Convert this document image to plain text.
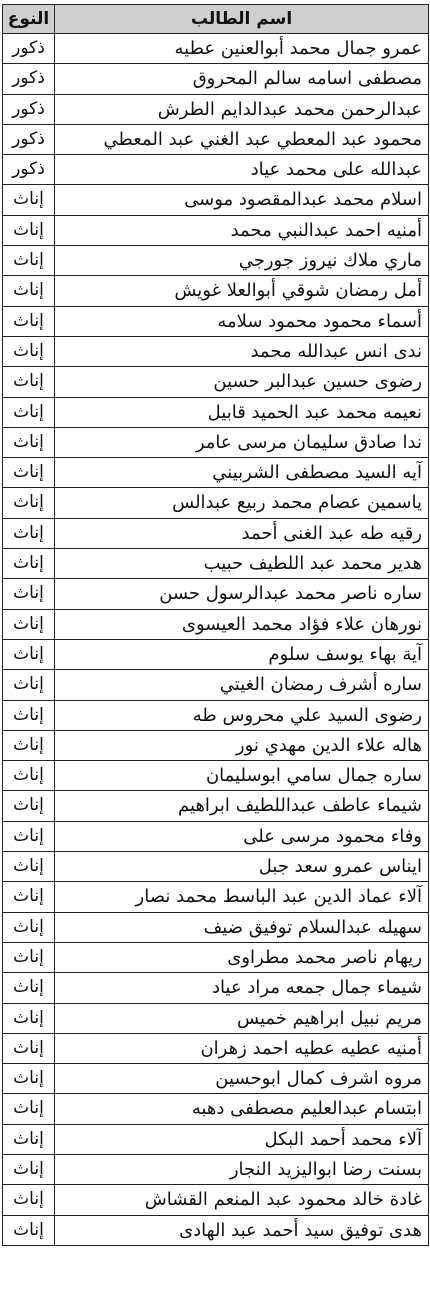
اسم الطالب	النوع
عمرو جمال محمد أبوالعنين عطيه	ذكور
مصطفى اسامه سالم المحروق	ذكور
عبدالرحمن محمد عبدالدايم الطرش	ذكور
محمود عبد المعطي عبد الغني عبد المعطي	ذكور
عبدالله على محمد عياد	ذكور
اسلام محمد عبدالمقصود موسى	إناث
أمنيه احمد عبدالنبي محمد	إناث
ماري ملاك نيروز جورجي	إناث
أمل رمضان شوقي أبوالعلا غويش	إناث
أسماء محمود محمود سلامه	إناث
ندى انس عبدالله محمد	إناث
رضوى حسين عبدالبر حسين	إناث
نعيمه محمد عبد الحميد قابيل	إناث
ندا صادق سليمان مرسى عامر	إناث
آيه السيد مصطفى الشربيني	إناث
ياسمين عصام محمد ربيع عبدالس	إناث
رقيه طه عبد الغنى أحمد	إناث
هدير محمد عبد اللطيف حبيب	إناث
ساره ناصر محمد عبدالرسول حسن	إناث
نورهان علاء فؤاد محمد العيسوى	إناث
آية بهاء يوسف سلوم	إناث
ساره أشرف رمضان الغيتي	إناث
رضوى السيد علي محروس طه	إناث
هاله علاء الدين مهدي نور	إناث
ساره جمال سامي ابوسليمان	إناث
شيماء عاطف عبداللطيف ابراهيم	إناث
وفاء محمود مرسى على	إناث
ايناس عمرو سعد جبل	إناث
آلاء عماد الدين عبد الباسط محمد نصار	إناث
سهيله عبدالسلام توفيق ضيف	إناث
ريهام ناصر محمد مطراوى	إناث
شيماء جمال جمعه مراد عياد	إناث
مريم نبيل ابراهيم خميس	إناث
أمنيه عطيه عطيه احمد زهران	إناث
مروه اشرف كمال ابوحسين	إناث
ابتسام عبدالعليم مصطفى دهبه	إناث
آلاء محمد أحمد البكل	إناث
بسنت رضا ابواليزيد النجار	إناث
غادة خالد محمود عبد المنعم القشاش	إناث
هدى توفيق سيد أحمد عبد الهادى	إناث
